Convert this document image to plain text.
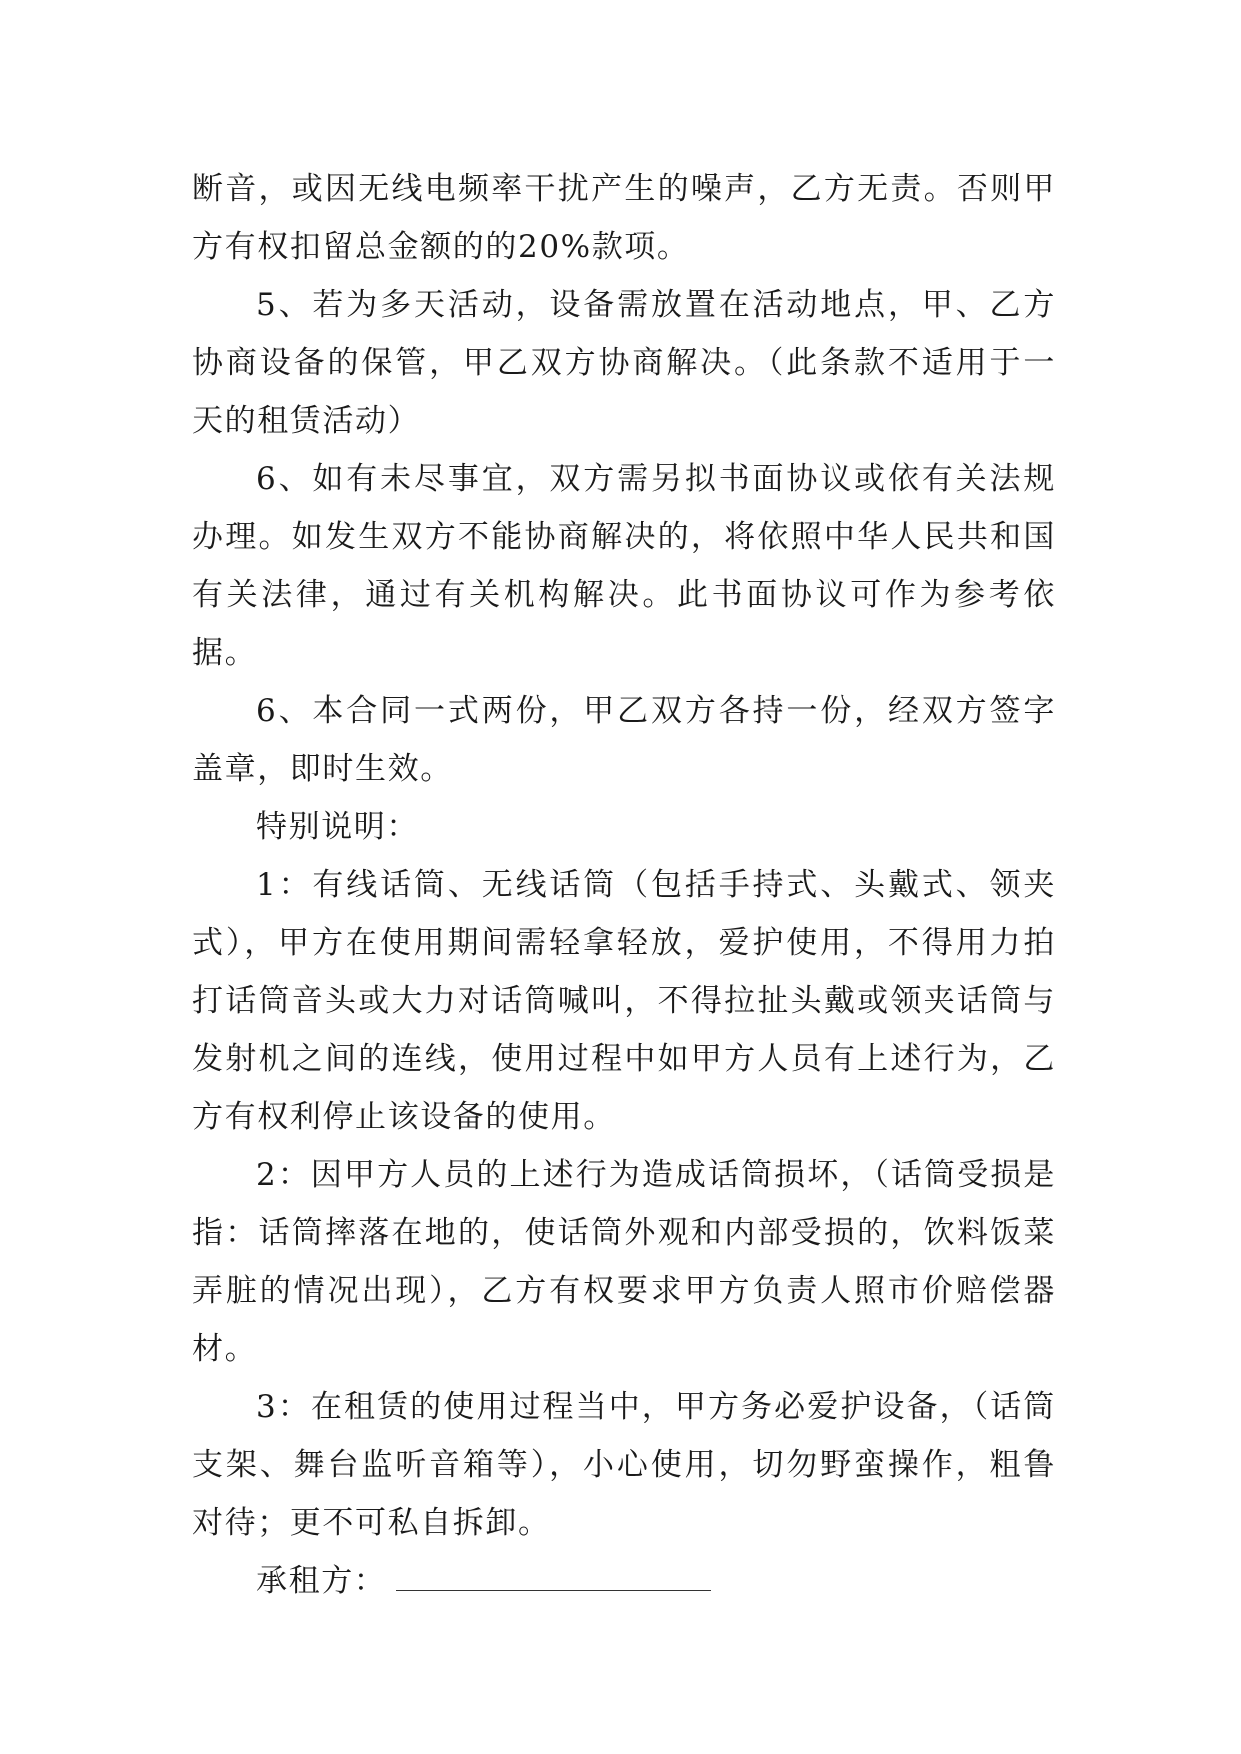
断音，或因无线电频率干扰产生的噪声，乙方无责。否则甲方有权扣留总金额的的20%款项。

5、若为多天活动，设备需放置在活动地点，甲、乙方协商设备的保管，甲乙双方协商解决。（此条款不适用于一天的租赁活动）

6、如有未尽事宜，双方需另拟书面协议或依有关法规办理。如发生双方不能协商解决的，将依照中华人民共和国有关法律，通过有关机构解决。此书面协议可作为参考依据。

6、本合同一式两份，甲乙双方各持一份，经双方签字盖章，即时生效。

特别说明：

1：有线话筒、无线话筒（包括手持式、头戴式、领夹式），甲方在使用期间需轻拿轻放，爱护使用，不得用力拍打话筒音头或大力对话筒喊叫，不得拉扯头戴或领夹话筒与发射机之间的连线，使用过程中如甲方人员有上述行为，乙方有权利停止该设备的使用。

2：因甲方人员的上述行为造成话筒损坏，（话筒受损是指：话筒摔落在地的，使话筒外观和内部受损的，饮料饭菜弄脏的情况出现），乙方有权要求甲方负责人照市价赔偿器材。

3：在租赁的使用过程当中，甲方务必爱护设备，（话筒支架、舞台监听音箱等），小心使用，切勿野蛮操作，粗鲁对待；更不可私自拆卸。

承租方：
